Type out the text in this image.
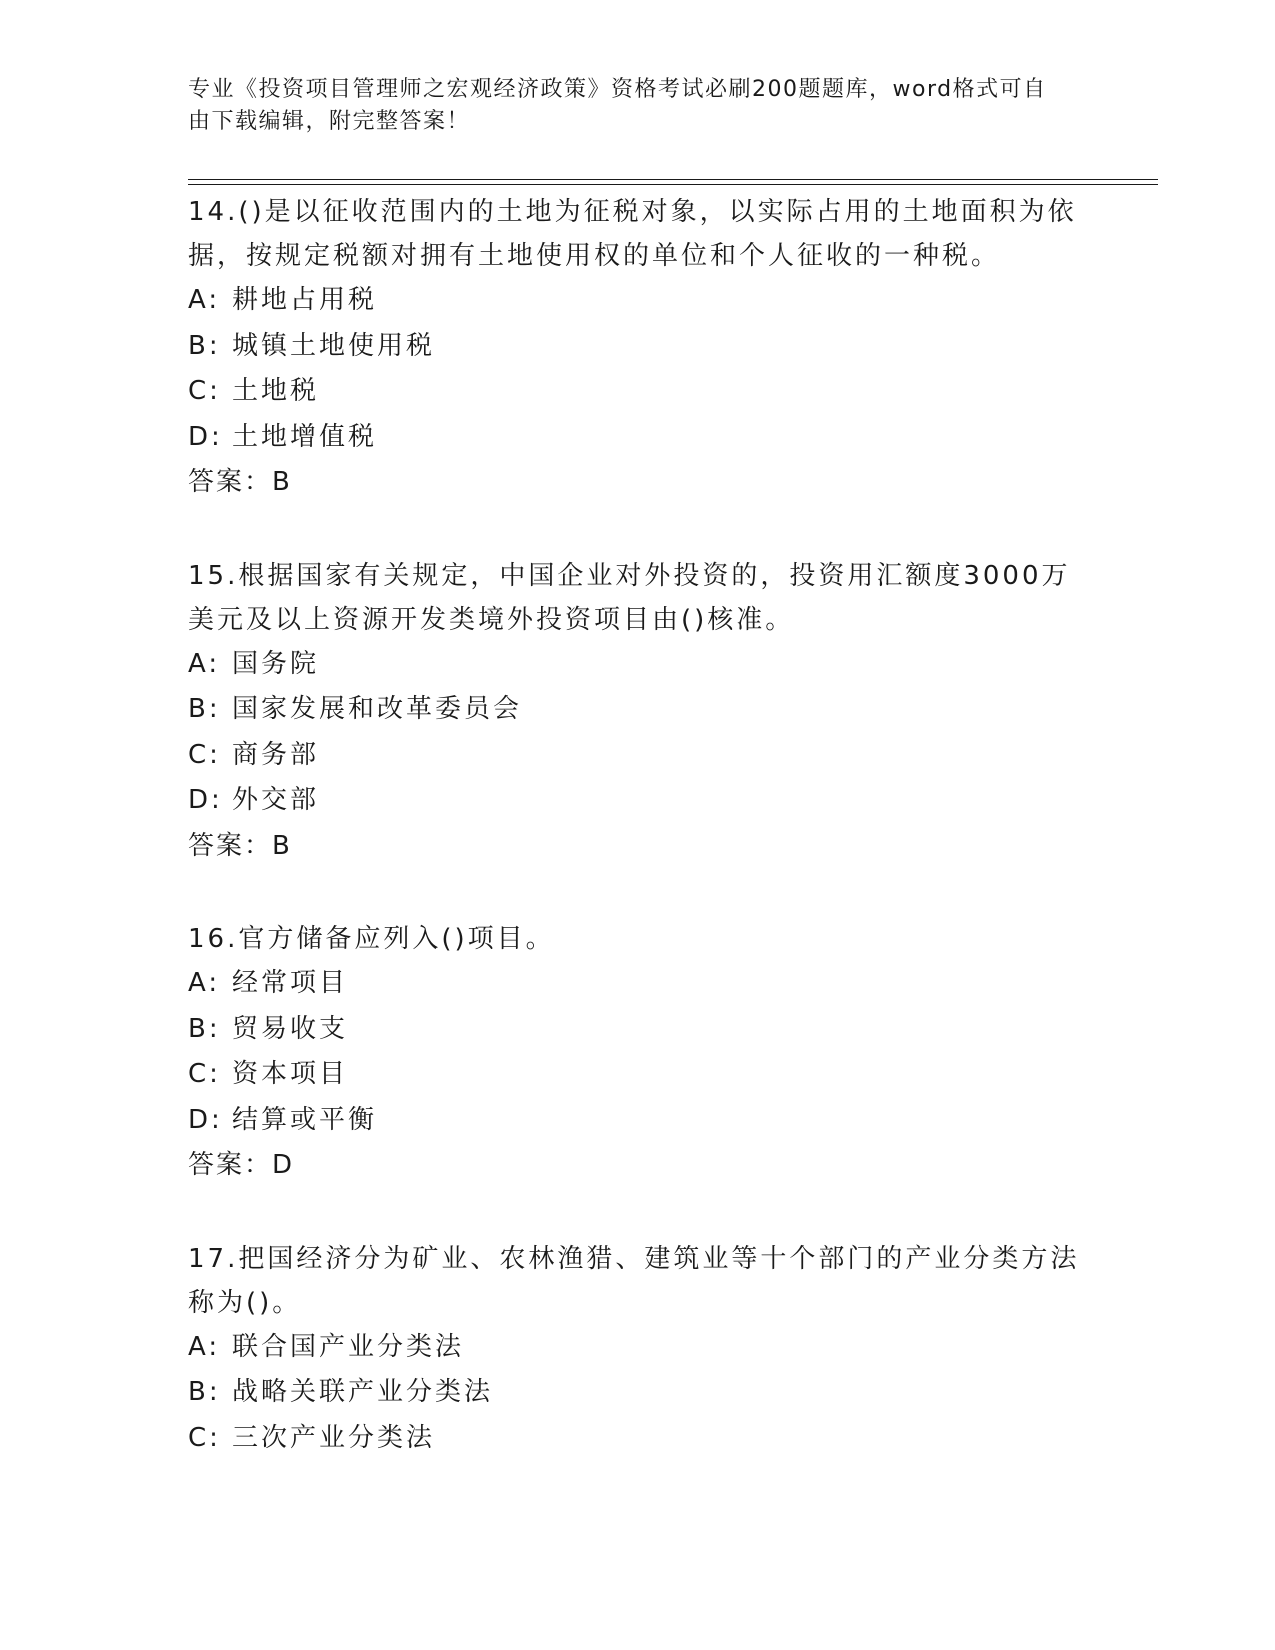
专业《投资项目管理师之宏观经济政策》资格考试必刷200题题库，word格式可自由下载编辑，附完整答案！

14.()是以征收范围内的土地为征税对象，以实际占用的土地面积为依据，按规定税额对拥有土地使用权的单位和个人征收的一种税。

A: 耕地占用税

B: 城镇土地使用税

C: 土地税

D: 土地增值税

答案：B

15.根据国家有关规定，中国企业对外投资的，投资用汇额度3000万美元及以上资源开发类境外投资项目由()核准。

A: 国务院

B: 国家发展和改革委员会

C: 商务部

D: 外交部

答案：B

16.官方储备应列入()项目。

A: 经常项目

B: 贸易收支

C: 资本项目

D: 结算或平衡

答案：D

17.把国经济分为矿业、农林渔猎、建筑业等十个部门的产业分类方法称为()。

A: 联合国产业分类法

B: 战略关联产业分类法

C: 三次产业分类法
